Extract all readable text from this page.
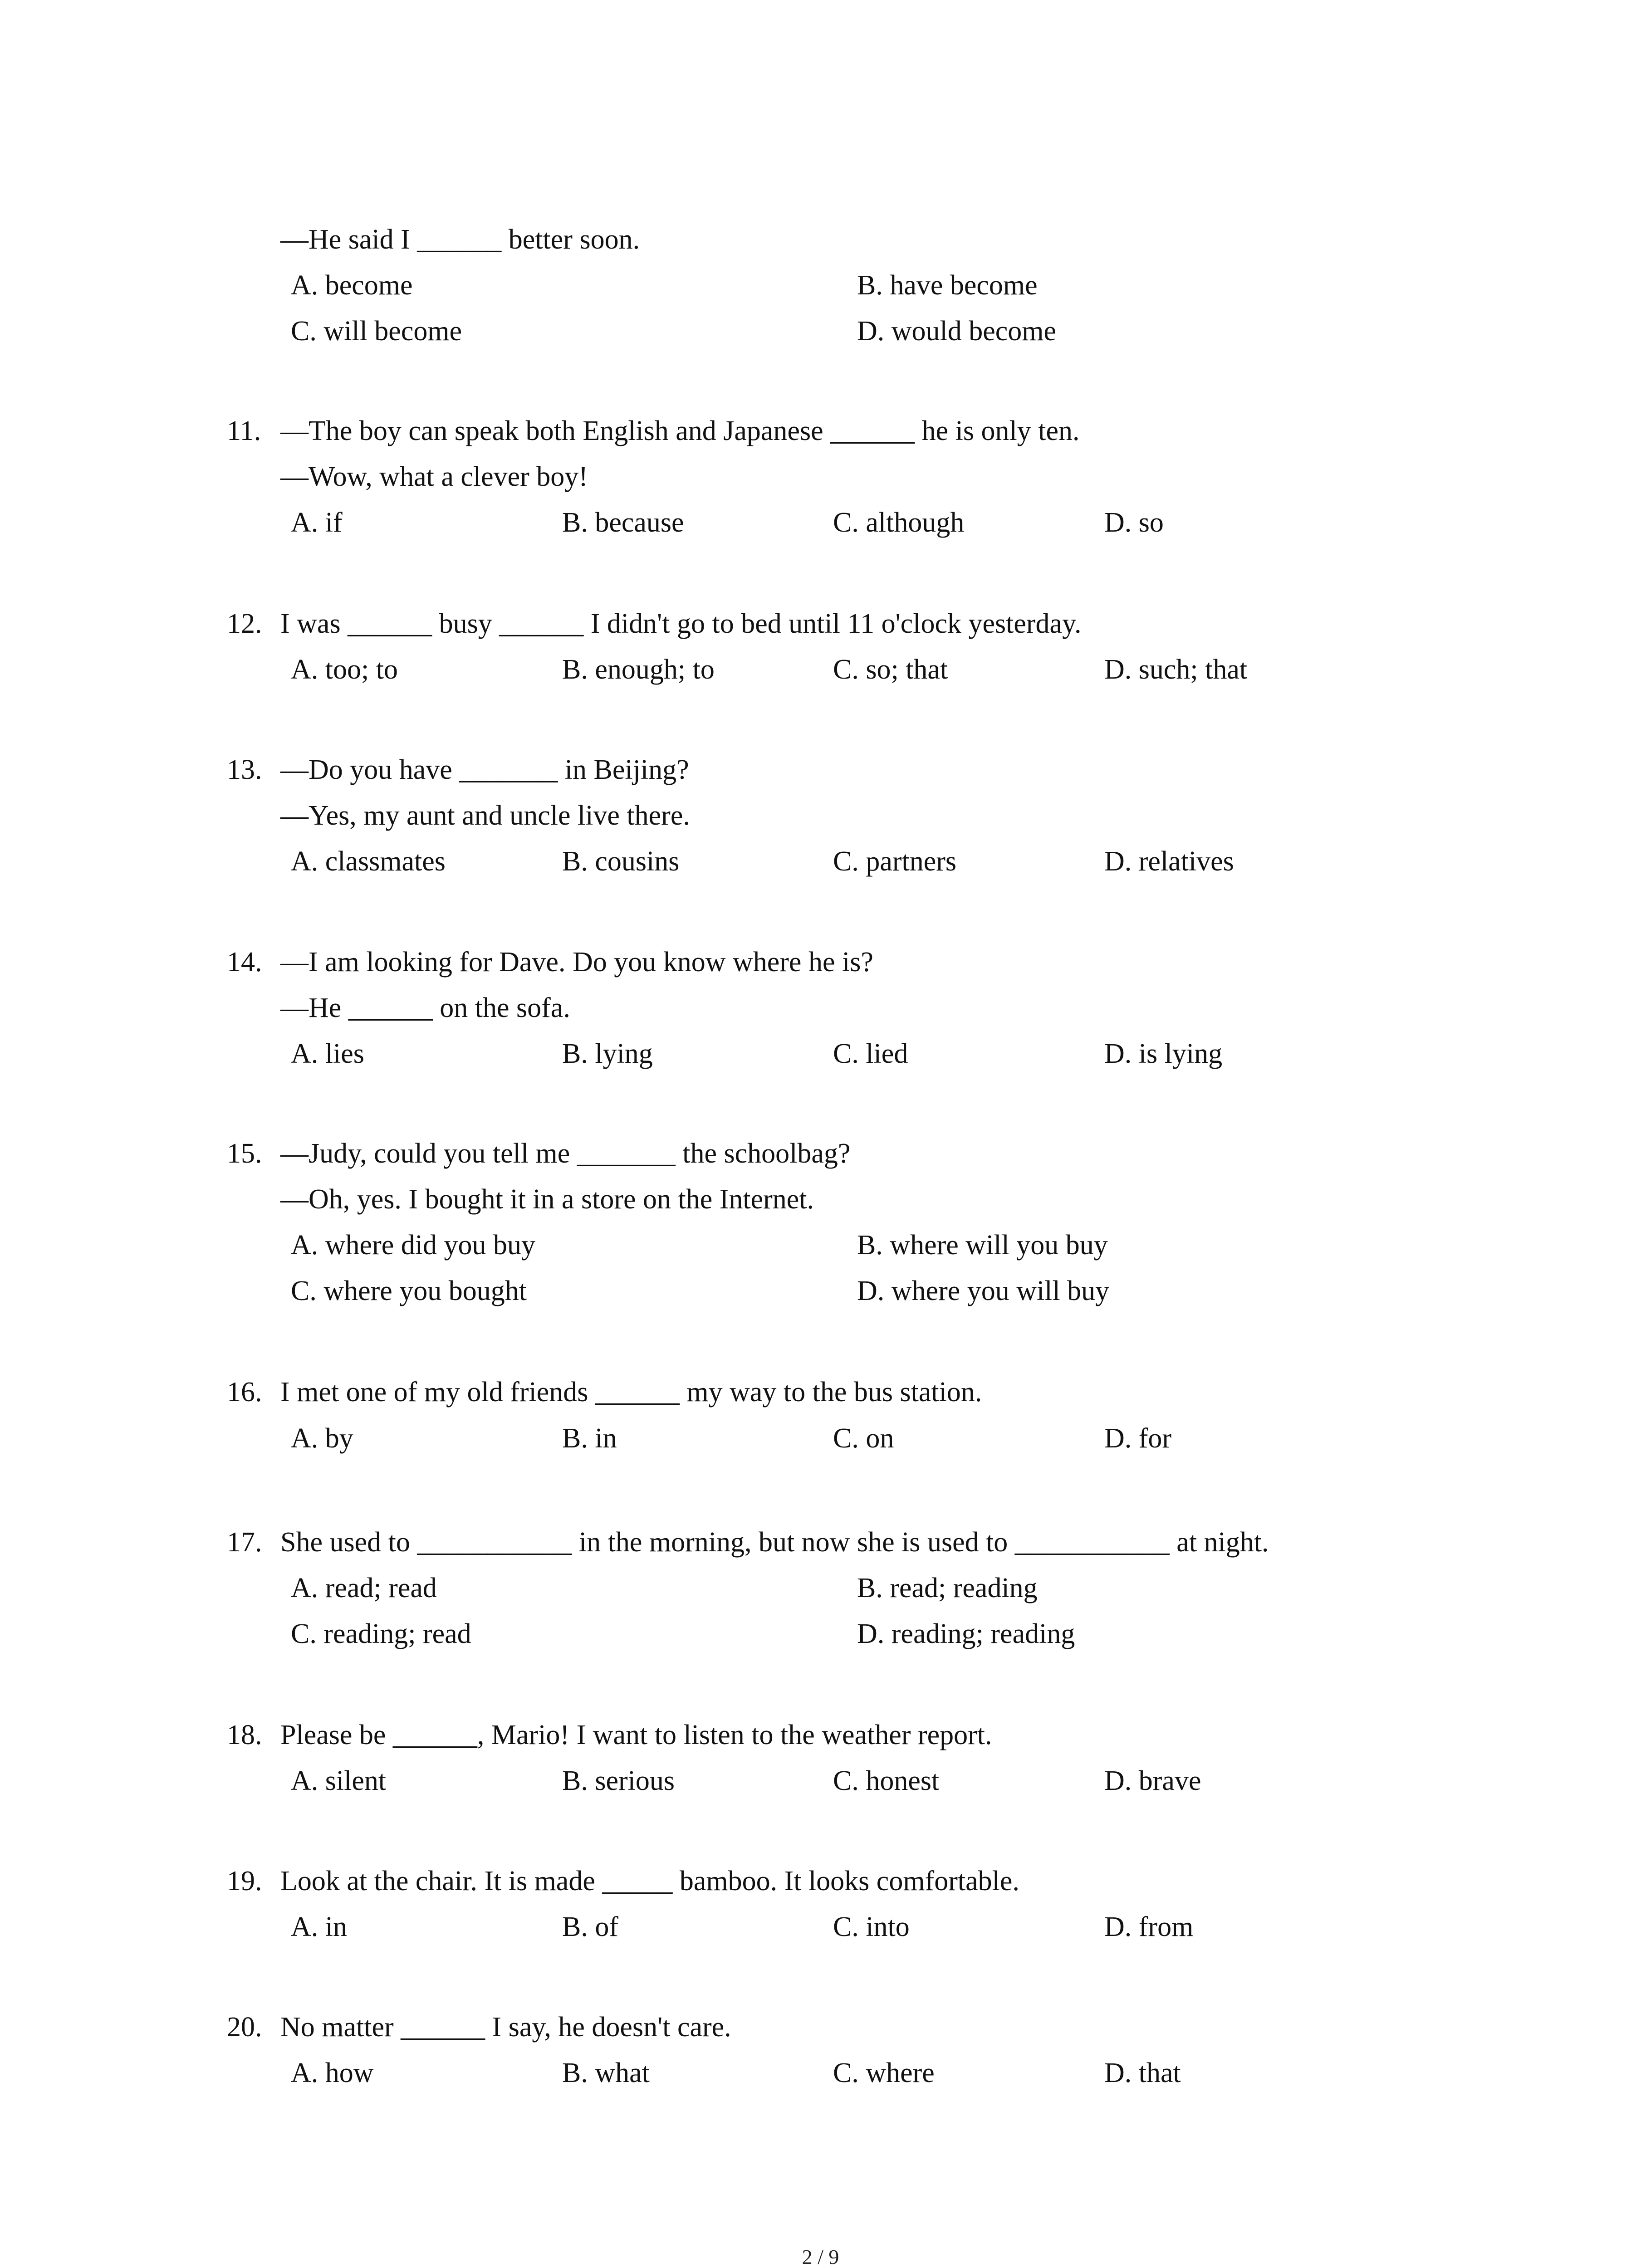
—He said I ______ better soon.
A. become	B. have become
C. will become	D. would become
11. —The boy can speak both English and Japanese ______ he is only ten.
—Wow, what a clever boy!
A. if	B. because	C. although	D. so
12. I was ______ busy ______ I didn't go to bed until 11 o'clock yesterday.
A. too; to	B. enough; to	C. so; that	D. such; that
13. —Do you have _______ in Beijing?
—Yes, my aunt and uncle live there.
A. classmates	B. cousins	C. partners	D. relatives
14. —I am looking for Dave. Do you know where he is?
—He ______ on the sofa.
A. lies	B. lying	C. lied	D. is lying
15. —Judy, could you tell me _______ the schoolbag?
—Oh, yes. I bought it in a store on the Internet.
A. where did you buy	B. where will you buy
C. where you bought	D. where you will buy
16. I met one of my old friends ______ my way to the bus station.
A. by	B. in	C. on	D. for
17. She used to ___________ in the morning, but now she is used to ___________ at night.
A. read; read	B. read; reading
C. reading; read	D. reading; reading
18. Please be ______, Mario! I want to listen to the weather report.
A. silent	B. serious	C. honest	D. brave
19. Look at the chair. It is made _____ bamboo. It looks comfortable.
A. in	B. of	C. into	D. from
20. No matter ______ I say, he doesn't care.
A. how	B. what	C. where	D. that
2 / 9
